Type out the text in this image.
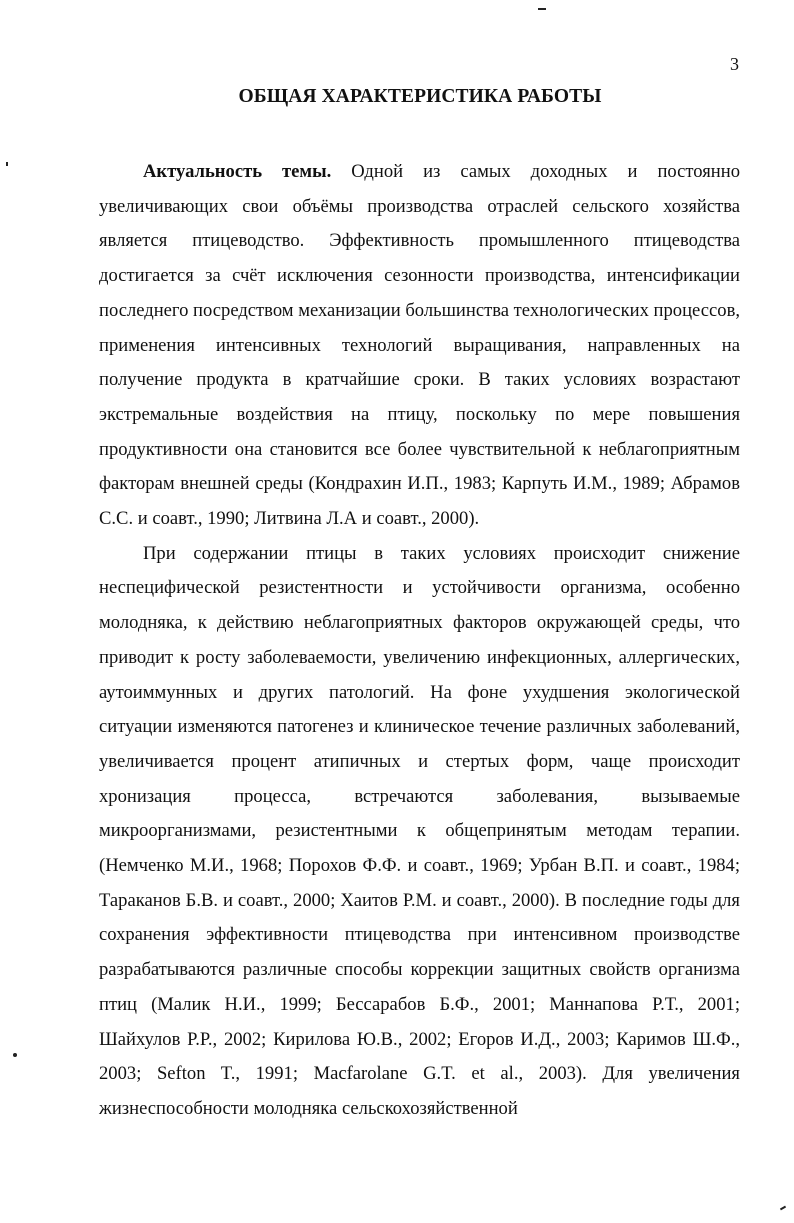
3
ОБЩАЯ ХАРАКТЕРИСТИКА РАБОТЫ

Актуальность темы. Одной из самых доходных и постоянно увеличивающих свои объёмы производства отраслей сельского хозяйства является птицеводство. Эффективность промышленного птицеводства достигается за счёт исключения сезонности производства, интенсификации последнего посредством механизации большинства технологических процессов, применения интенсивных технологий выращивания, направленных на получение продукта в кратчайшие сроки. В таких условиях возрастают экстремальные воздействия на птицу, поскольку по мере повышения продуктивности она становится все более чувствительной к неблагоприятным факторам внешней среды (Кондрахин И.П., 1983; Карпуть И.М., 1989; Абрамов С.С. и соавт., 1990; Литвина Л.А и соавт., 2000).

При содержании птицы в таких условиях происходит снижение неспецифической резистентности и устойчивости организма, особенно молодняка, к действию неблагоприятных факторов окружающей среды, что приводит к росту заболеваемости, увеличению инфекционных, аллергических, аутоиммунных и других патологий. На фоне ухудшения экологической ситуации изменяются патогенез и клиническое течение различных заболеваний, увеличивается процент атипичных и стертых форм, чаще происходит хронизация процесса, встречаются заболевания, вызываемые микроорганизмами, резистентными к общепринятым методам терапии. (Немченко М.И., 1968; Порохов Ф.Ф. и соавт., 1969; Урбан В.П. и соавт., 1984; Тараканов Б.В. и соавт., 2000; Хаитов Р.М. и соавт., 2000). В последние годы для сохранения эффективности птицеводства при интенсивном производстве разрабатываются различные способы коррекции защитных свойств организма птиц (Малик Н.И., 1999; Бессарабов Б.Ф., 2001; Маннапова Р.Т., 2001; Шайхулов Р.Р., 2002; Кирилова Ю.В., 2002; Егоров И.Д., 2003; Каримов Ш.Ф., 2003; Sefton T., 1991; Macfarolane G.T. et al., 2003). Для увеличения жизнеспособности молодняка сельскохозяйственной
